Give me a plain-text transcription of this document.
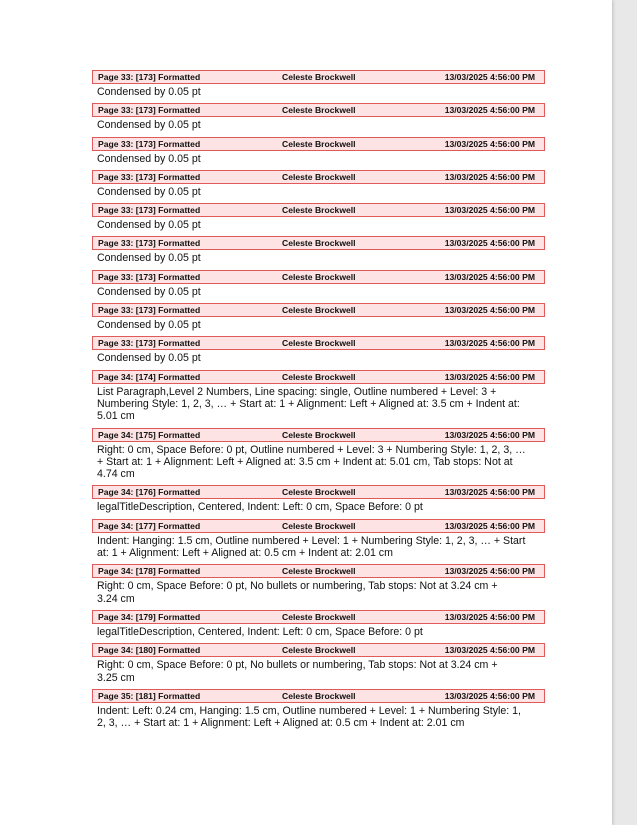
Page 33: [173] Formatted	Celeste Brockwell	13/03/2025 4:56:00 PM
Condensed by 0.05 pt
Page 33: [173] Formatted	Celeste Brockwell	13/03/2025 4:56:00 PM
Condensed by 0.05 pt
Page 33: [173] Formatted	Celeste Brockwell	13/03/2025 4:56:00 PM
Condensed by 0.05 pt
Page 33: [173] Formatted	Celeste Brockwell	13/03/2025 4:56:00 PM
Condensed by 0.05 pt
Page 33: [173] Formatted	Celeste Brockwell	13/03/2025 4:56:00 PM
Condensed by 0.05 pt
Page 33: [173] Formatted	Celeste Brockwell	13/03/2025 4:56:00 PM
Condensed by 0.05 pt
Page 33: [173] Formatted	Celeste Brockwell	13/03/2025 4:56:00 PM
Condensed by 0.05 pt
Page 33: [173] Formatted	Celeste Brockwell	13/03/2025 4:56:00 PM
Condensed by 0.05 pt
Page 33: [173] Formatted	Celeste Brockwell	13/03/2025 4:56:00 PM
Condensed by 0.05 pt
Page 34: [174] Formatted	Celeste Brockwell	13/03/2025 4:56:00 PM
List Paragraph,Level 2 Numbers, Line spacing: single, Outline numbered + Level: 3 +
Numbering Style: 1, 2, 3, … + Start at: 1 + Alignment: Left + Aligned at: 3.5 cm + Indent at:
5.01 cm
Page 34: [175] Formatted	Celeste Brockwell	13/03/2025 4:56:00 PM
Right: 0 cm, Space Before: 0 pt, Outline numbered + Level: 3 + Numbering Style: 1, 2, 3, …
+ Start at: 1 + Alignment: Left + Aligned at: 3.5 cm + Indent at: 5.01 cm, Tab stops: Not at
4.74 cm
Page 34: [176] Formatted	Celeste Brockwell	13/03/2025 4:56:00 PM
legalTitleDescription, Centered, Indent: Left: 0 cm, Space Before: 0 pt
Page 34: [177] Formatted	Celeste Brockwell	13/03/2025 4:56:00 PM
Indent: Hanging: 1.5 cm, Outline numbered + Level: 1 + Numbering Style: 1, 2, 3, … + Start
at: 1 + Alignment: Left + Aligned at: 0.5 cm + Indent at: 2.01 cm
Page 34: [178] Formatted	Celeste Brockwell	13/03/2025 4:56:00 PM
Right: 0 cm, Space Before: 0 pt, No bullets or numbering, Tab stops: Not at 3.24 cm +
3.24 cm
Page 34: [179] Formatted	Celeste Brockwell	13/03/2025 4:56:00 PM
legalTitleDescription, Centered, Indent: Left: 0 cm, Space Before: 0 pt
Page 34: [180] Formatted	Celeste Brockwell	13/03/2025 4:56:00 PM
Right: 0 cm, Space Before: 0 pt, No bullets or numbering, Tab stops: Not at 3.24 cm +
3.25 cm
Page 35: [181] Formatted	Celeste Brockwell	13/03/2025 4:56:00 PM
Indent: Left: 0.24 cm, Hanging: 1.5 cm, Outline numbered + Level: 1 + Numbering Style: 1,
2, 3, … + Start at: 1 + Alignment: Left + Aligned at: 0.5 cm + Indent at: 2.01 cm
